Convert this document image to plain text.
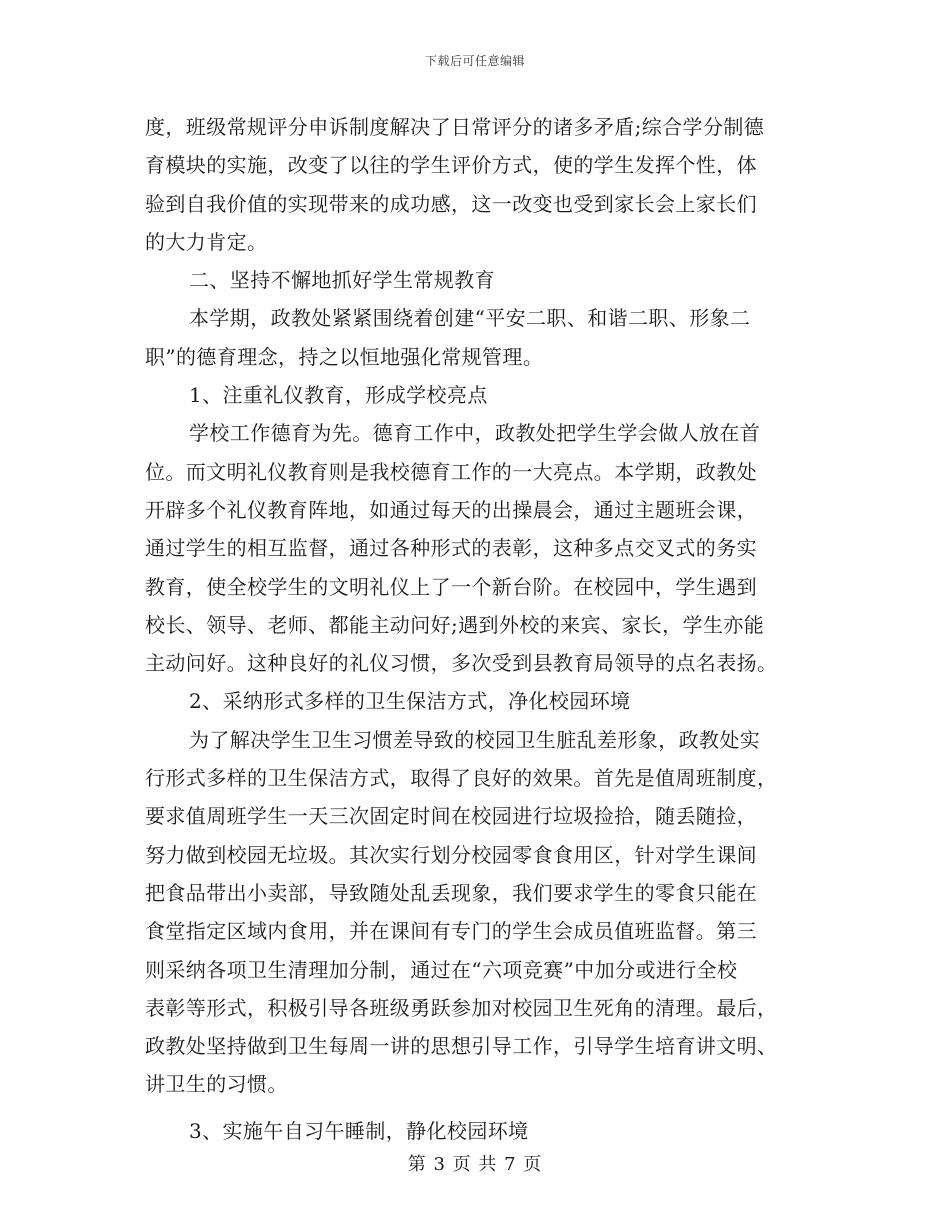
下载后可任意编辑
度，班级常规评分申诉制度解决了日常评分的诸多矛盾;综合学分制德
育模块的实施，改变了以往的学生评价方式，使的学生发挥个性，体
验到自我价值的实现带来的成功感，这一改变也受到家长会上家长们
的大力肯定。
二、坚持不懈地抓好学生常规教育
本学期，政教处紧紧围绕着创建“平安二职、和谐二职、形象二
职”的德育理念，持之以恒地强化常规管理。
1、注重礼仪教育，形成学校亮点
学校工作德育为先。德育工作中，政教处把学生学会做人放在首
位。而文明礼仪教育则是我校德育工作的一大亮点。本学期，政教处
开辟多个礼仪教育阵地，如通过每天的出操晨会，通过主题班会课，
通过学生的相互监督，通过各种形式的表彰，这种多点交叉式的务实
教育，使全校学生的文明礼仪上了一个新台阶。在校园中，学生遇到
校长、领导、老师、都能主动问好;遇到外校的来宾、家长，学生亦能
主动问好。这种良好的礼仪习惯，多次受到县教育局领导的点名表扬。
2、采纳形式多样的卫生保洁方式，净化校园环境
为了解决学生卫生习惯差导致的校园卫生脏乱差形象，政教处实
行形式多样的卫生保洁方式，取得了良好的效果。首先是值周班制度，
要求值周班学生一天三次固定时间在校园进行垃圾捡拾，随丢随捡，
努力做到校园无垃圾。其次实行划分校园零食食用区，针对学生课间
把食品带出小卖部，导致随处乱丢现象，我们要求学生的零食只能在
食堂指定区域内食用，并在课间有专门的学生会成员值班监督。第三
则采纳各项卫生清理加分制，通过在“六项竞赛”中加分或进行全校
表彰等形式，积极引导各班级勇跃参加对校园卫生死角的清理。最后，
政教处坚持做到卫生每周一讲的思想引导工作，引导学生培育讲文明、
讲卫生的习惯。
3、实施午自习午睡制，静化校园环境
第 3 页 共 7 页
